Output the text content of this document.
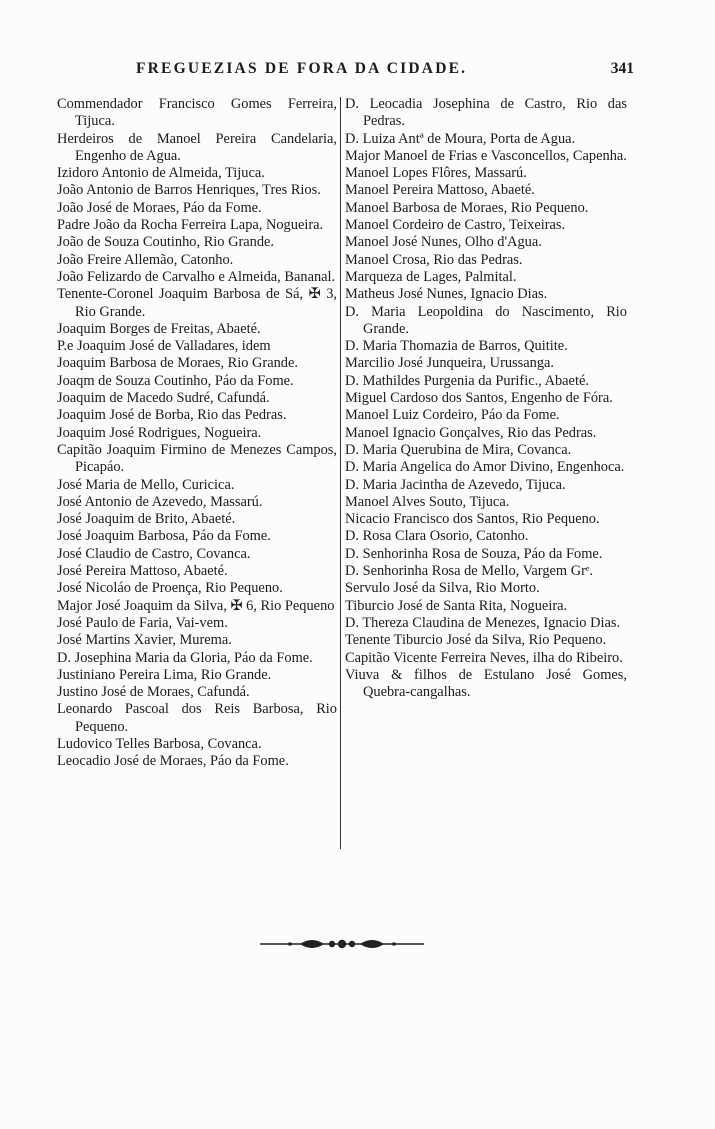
FREGUEZIAS DE FORA DA CIDADE.	341
Commendador Francisco Gomes Ferreira, Tijuca.
Herdeiros de Manoel Pereira Candelaria, Engenho de Agua.
Izidoro Antonio de Almeida, Tijuca.
João Antonio de Barros Henriques, Tres Rios.
João José de Moraes, Páo da Fome.
Padre João da Rocha Ferreira Lapa, Nogueira.
João de Souza Coutinho, Rio Grande.
João Freire Allemão, Catonho.
João Felizardo de Carvalho e Almeida, Bananal.
Tenente-Coronel Joaquim Barbosa de Sá, ✠ 3, Rio Grande.
Joaquim Borges de Freitas, Abaeté.
P.e Joaquim José de Valladares, idem
Joaquim Barbosa de Moraes, Rio Grande.
Joaqm de Souza Coutinho, Páo da Fome.
Joaquim de Macedo Sudré, Cafundá.
Joaquim José de Borba, Rio das Pedras.
Joaquim José Rodrigues, Nogueira.
Capitão Joaquim Firmino de Menezes Campos, Picapáo.
José Maria de Mello, Curicica.
José Antonio de Azevedo, Massarú.
José Joaquim de Brito, Abaeté.
José Joaquim Barbosa, Páo da Fome.
José Claudio de Castro, Covanca.
José Pereira Mattoso, Abaeté.
José Nicoláo de Proença, Rio Pequeno.
Major José Joaquim da Silva, ✠ 6, Rio Pequeno
José Paulo de Faria, Vai-vem.
José Martins Xavier, Murema.
D. Josephina Maria da Gloria, Páo da Fome.
Justiniano Pereira Lima, Rio Grande.
Justino José de Moraes, Cafundá.
Leonardo Pascoal dos Reis Barbosa, Rio Pequeno.
Ludovico Telles Barbosa, Covanca.
Leocadio José de Moraes, Páo da Fome.
D. Leocadia Josephina de Castro, Rio das Pedras.
D. Luiza Antª de Moura, Porta de Agua.
Major Manoel de Frias e Vasconcellos, Capenha.
Manoel Lopes Flôres, Massarú.
Manoel Pereira Mattoso, Abaeté.
Manoel Barbosa de Moraes, Rio Pequeno.
Manoel Cordeiro de Castro, Teixeiras.
Manoel José Nunes, Olho d'Agua.
Manoel Crosa, Rio das Pedras.
Marqueza de Lages, Palmital.
Matheus José Nunes, Ignacio Dias.
D. Maria Leopoldina do Nascimento, Rio Grande.
D. Maria Thomazia de Barros, Quitite.
Marcilio José Junqueira, Urussanga.
D. Mathildes Purgenia da Purific., Abaeté.
Miguel Cardoso dos Santos, Engenho de Fóra.
Manoel Luiz Cordeiro, Páo da Fome.
Manoel Ignacio Gonçalves, Rio das Pedras.
D. Maria Querubina de Mira, Covanca.
D. Maria Angelica do Amor Divino, Engenhoca.
D. Maria Jacintha de Azevedo, Tijuca.
Manoel Alves Souto, Tijuca.
Nicacio Francisco dos Santos, Rio Pequeno.
D. Rosa Clara Osorio, Catonho.
D. Senhorinha Rosa de Souza, Páo da Fome.
D. Senhorinha Rosa de Mello, Vargem Grᵉ.
Servulo José da Silva, Rio Morto.
Tiburcio José de Santa Rita, Nogueira.
D. Thereza Claudina de Menezes, Ignacio Dias.
Tenente Tiburcio José da Silva, Rio Pequeno.
Capitão Vicente Ferreira Neves, ilha do Ribeiro.
Viuva & filhos de Estulano José Gomes, Quebra-cangalhas.
